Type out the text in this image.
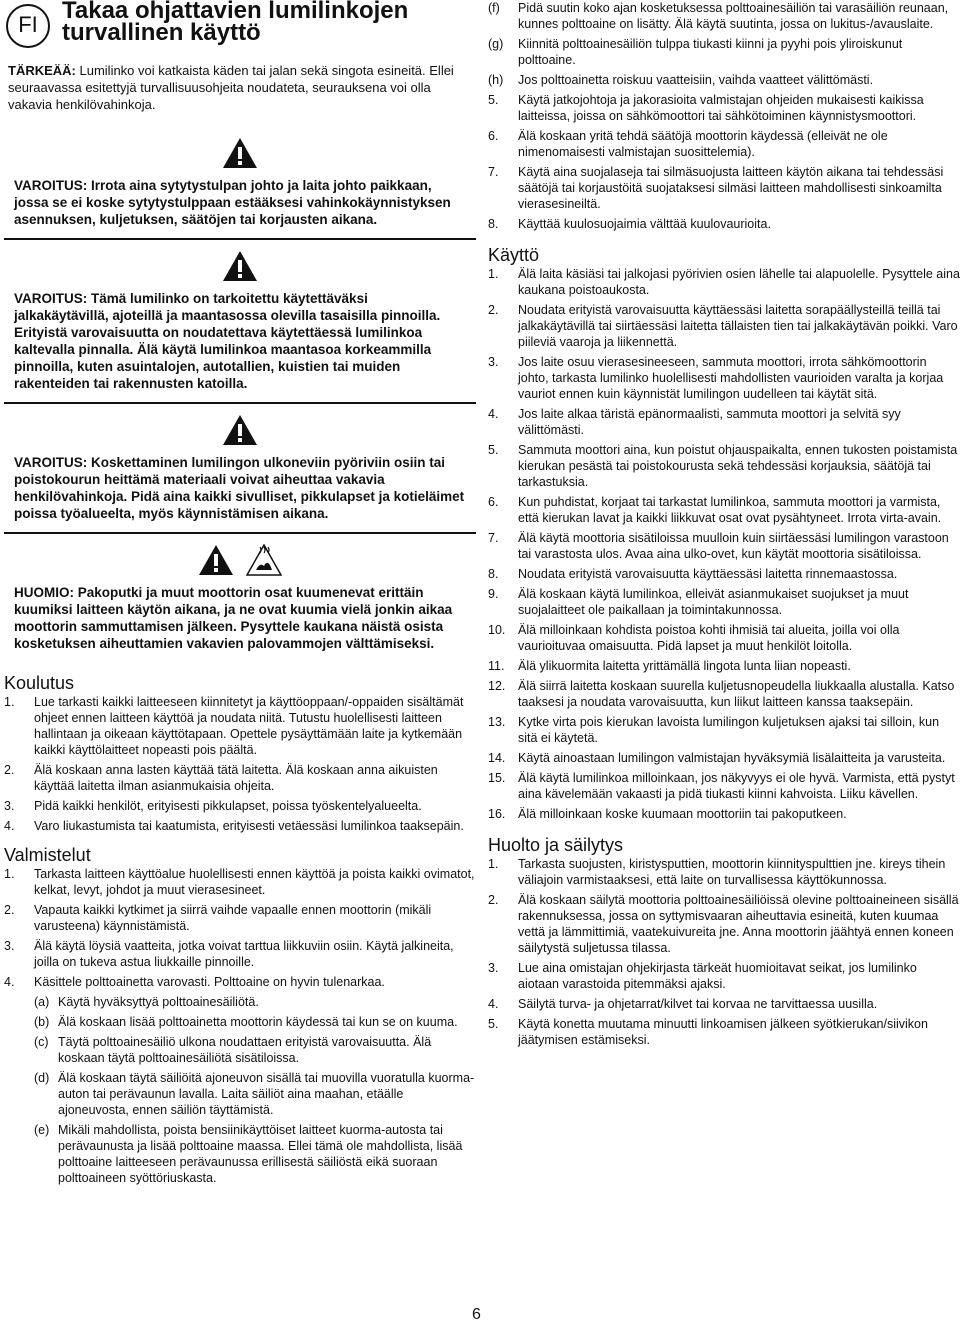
FI
Takaa ohjattavien lumilinkojen
turvallinen käyttö
TÄRKEÄÄ: Lumilinko voi katkaista käden tai jalan sekä singota esineitä. Ellei seuraavassa esitettyjä turvallisuusohjeita noudateta, seurauksena voi olla vakavia henkilövahinkoja.
VAROITUS: Irrota aina sytytystulpan johto ja laita johto paikkaan, jossa se ei koske sytytystulppaan estääksesi vahinkokäynnistyksen asennuksen, kuljetuksen, säätöjen tai korjausten aikana.
VAROITUS: Tämä lumilinko on tarkoitettu käytettäväksi jalkakäytävillä, ajoteillä ja maantasossa olevilla tasaisilla pinnoilla. Erityistä varovaisuutta on noudatettava käytettäessä lumilinkoa kaltevalla pinnalla. Älä käytä lumilinkoa maantasoa korkeammilla pinnoilla, kuten asuintalojen, autotallien, kuistien tai muiden rakenteiden tai rakennusten katoilla.
VAROITUS: Koskettaminen lumilingon ulkoneviin pyöriviin osiin tai poistokourun heittämä materiaali voivat aiheuttaa vakavia henkilövahinkoja. Pidä aina kaikki sivulliset, pikkulapset ja kotieläimet poissa työalueelta, myös käynnistämisen aikana.

HUOMIO: Pakoputki ja muut moottorin osat kuumenevat erittäin kuumiksi laitteen käytön aikana, ja ne ovat kuumia vielä jonkin aikaa moottorin sammuttamisen jälkeen. Pysyttele kaukana näistä osista kosketuksen aiheuttamien vakavien palovammojen välttämiseksi.
Koulutus
1.	Lue tarkasti kaikki laitteeseen kiinnitetyt ja käyttöoppaan/-oppaiden sisältämät ohjeet ennen laitteen käyttöä ja noudata niitä. Tutustu huolellisesti laitteen hallintaan ja oikeaan käyttötapaan. Opettele pysäyttämään laite ja kytkemään kaikki käyttölaitteet nopeasti pois päältä.
2.	Älä koskaan anna lasten käyttää tätä laitetta. Älä koskaan anna aikuisten käyttää laitetta ilman asianmukaisia ohjeita.
3.	Pidä kaikki henkilöt, erityisesti pikkulapset, poissa työskentelyalueelta.
4.	Varo liukastumista tai kaatumista, erityisesti vetäessäsi lumilinkoa taaksepäin.
Valmistelut
1.	Tarkasta laitteen käyttöalue huolellisesti ennen käyttöä ja poista kaikki ovimatot, kelkat, levyt, johdot ja muut vierasesineet.
2.	Vapauta kaikki kytkimet ja siirrä vaihde vapaalle ennen moottorin (mikäli varusteena) käynnistämistä.
3.	Älä käytä löysiä vaatteita, jotka voivat tarttua liikkuviin osiin. Käytä jalkineita, joilla on tukeva astua liukkaille pinnoille.
4.	Käsittele polttoainetta varovasti. Polttoaine on hyvin tulenarkaa.
(a) Käytä hyväksyttyä polttoainesäiliötä.
(b) Älä koskaan lisää polttoainetta moottorin käydessä tai kun se on kuuma.
(c) Täytä polttoainesäiliö ulkona noudattaen erityistä varovaisuutta. Älä koskaan täytä polttoainesäiliötä sisätiloissa.
(d) Älä koskaan täytä säiliöitä ajoneuvon sisällä tai muovilla vuoratulla kuorma-auton tai perävaunun lavalla. Laita säiliöt aina maahan, etäälle ajoneuvosta, ennen säiliön täyttämistä.
(e) Mikäli mahdollista, poista bensiinikäyttöiset laitteet kuorma-autosta tai perävaunusta ja lisää polttoaine maassa. Ellei tämä ole mahdollista, lisää polttoaine laitteeseen perävaunussa erillisestä säiliöstä eikä suoraan polttoaineen syöttöriuskasta.
(f)	Pidä suutin koko ajan kosketuksessa polttoainesäiliön tai varasäiliön reunaan, kunnes polttoaine on lisätty. Älä käytä suutinta, jossa on lukitus-/avauslaite.
(g)	Kiinnitä polttoainesäiliön tulppa tiukasti kiinni ja pyyhi pois yliroiskunut polttoaine.
(h)	Jos polttoainetta roiskuu vaatteisiin, vaihda vaatteet välittömästi.
5.	Käytä jatkojohtoja ja jakorasioita valmistajan ohjeiden mukaisesti kaikissa laitteissa, joissa on sähkömoottori tai sähkötoiminen käynnistysmoottori.
6.	Älä koskaan yritä tehdä säätöjä moottorin käydessä (elleivät ne ole nimenomaisesti valmistajan suosittelemia).
7.	Käytä aina suojalaseja tai silmäsuojusta laitteen käytön aikana tai tehdessäsi säätöjä tai korjaustöitä suojataksesi silmäsi laitteen mahdollisesti sinkoamilta vierasesineiltä.
8.	Käyttää kuulosuojaimia välttää kuulovaurioita.
Käyttö
1.	Älä laita käsiäsi tai jalkojasi pyörivien osien lähelle tai alapuolelle. Pysyttele aina kaukana poistoaukosta.
2.	Noudata erityistä varovaisuutta käyttäessäsi laitetta sorapäällysteillä teillä tai jalkakäytävillä tai siirtäessäsi laitetta tällaisten tien tai jalkakäytävän poikki. Varo piileviä vaaroja ja liikennettä.
3.	Jos laite osuu vierasesineeseen, sammuta moottori, irrota sähkömoottorin johto, tarkasta lumilinko huolellisesti mahdollisten vaurioiden varalta ja korjaa vauriot ennen kuin käynnistät lumilingon uudelleen tai käytät sitä.
4.	Jos laite alkaa täristä epänormaalisti, sammuta moottori ja selvitä syy välittömästi.
5.	Sammuta moottori aina, kun poistut ohjauspaikalta, ennen tukosten poistamista kierukan pesästä tai poistokourusta sekä tehdessäsi korjauksia, säätöjä tai tarkastuksia.
6.	Kun puhdistat, korjaat tai tarkastat lumilinkoa, sammuta moottori ja varmista, että kierukan lavat ja kaikki liikkuvat osat ovat pysähtyneet. Irrota virta-avain.
7.	Älä käytä moottoria sisätiloissa muulloin kuin siirtäessäsi lumilingon varastoon tai varastosta ulos. Avaa aina ulko-ovet, kun käytät moottoria sisätiloissa.
8.	Noudata erityistä varovaisuutta käyttäessäsi laitetta rinnemaastossa.
9.	Älä koskaan käytä lumilinkoa, elleivät asianmukaiset suojukset ja muut suojalaitteet ole paikallaan ja toimintakunnossa.
10.	Älä milloinkaan kohdista poistoa kohti ihmisiä tai alueita, joilla voi olla vaurioituvaa omaisuutta. Pidä lapset ja muut henkilöt loitolla.
11.	Älä ylikuormita laitetta yrittämällä lingota lunta liian nopeasti.
12.	Älä siirrä laitetta koskaan suurella kuljetusnopeudella liukkaalla alustalla. Katso taaksesi ja noudata varovaisuutta, kun liikut laitteen kanssa taaksepäin.
13.	Kytke virta pois kierukan lavoista lumilingon kuljetuksen ajaksi tai silloin, kun sitä ei käytetä.
14.	Käytä ainoastaan lumilingon valmistajan hyväksymiä lisälaitteita ja varusteita.
15.	Älä käytä lumilinkoa milloinkaan, jos näkyvyys ei ole hyvä. Varmista, että pystyt aina kävelemään vakaasti ja pidä tiukasti kiinni kahvoista. Liiku kävellen.
16.	Älä milloinkaan koske kuumaan moottoriin tai pakoputkeen.
Huolto ja säilytys
1.	Tarkasta suojusten, kiristysputtien, moottorin kiinnityspulttien jne. kireys tihein väliajoin varmistaaksesi, että laite on turvallisessa käyttökunnossa.
2.	Älä koskaan säilytä moottoria polttoainesäiliöissä olevine polttoaineineen sisällä rakennuksessa, jossa on syttymisvaaran aiheuttavia esineitä, kuten kuumaa vettä ja lämmittimiä, vaatekuivureita jne. Anna moottorin jäähtyä ennen koneen säilytystä suljetussa tilassa.
3.	Lue aina omistajan ohjekirjasta tärkeät huomioitavat seikat, jos lumilinko aiotaan varastoida pitemmäksi ajaksi.
4.	Säilytä turva- ja ohjetarrat/kilvet tai korvaa ne tarvittaessa uusilla.
5.	Käytä konetta muutama minuutti linkoamisen jälkeen syötkierukan/siivikon jäätymisen estämiseksi.
6
